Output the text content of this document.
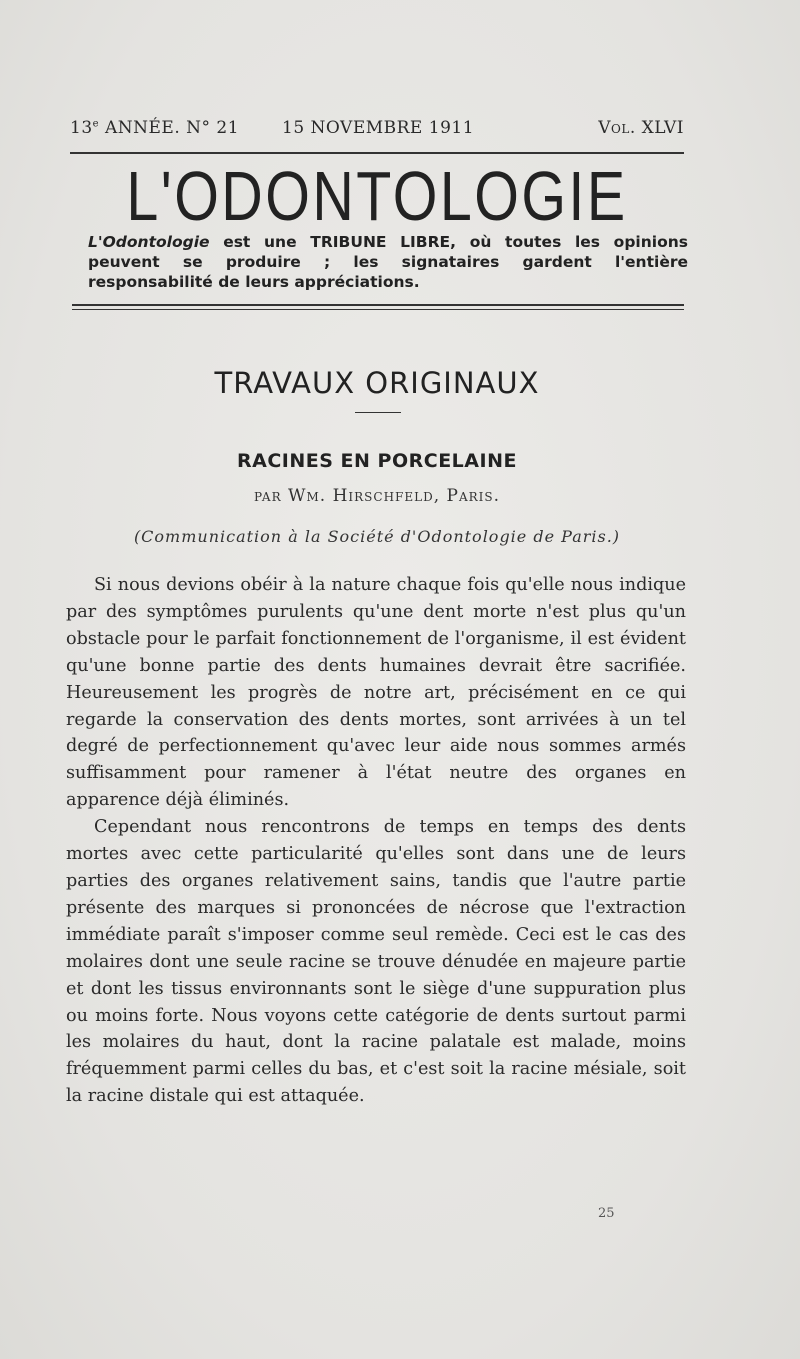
13e ANNÉE. N° 21	15 NOVEMBRE 1911	Vol. XLVI
L'ODONTOLOGIE
L'Odontologie est une TRIBUNE LIBRE, où toutes les opinions peuvent se produire ; les signataires gardent l'entière responsabilité de leurs appréciations.
TRAVAUX ORIGINAUX
RACINES EN PORCELAINE
par Wm. Hirschfeld, Paris.
(Communication à la Société d'Odontologie de Paris.)

Si nous devions obéir à la nature chaque fois qu'elle nous indique par des symptômes purulents qu'une dent morte n'est plus qu'un obstacle pour le parfait fonctionnement de l'organisme, il est évident qu'une bonne partie des dents humaines devrait être sacrifiée. Heureusement les progrès de notre art, précisément en ce qui regarde la conservation des dents mortes, sont arrivées à un tel degré de perfectionnement qu'avec leur aide nous sommes armés suffisamment pour ramener à l'état neutre des organes en apparence déjà éliminés.

Cependant nous rencontrons de temps en temps des dents mortes avec cette particularité qu'elles sont dans une de leurs parties des organes relativement sains, tandis que l'autre partie présente des marques si prononcées de nécrose que l'extraction immédiate paraît s'imposer comme seul remède. Ceci est le cas des molaires dont une seule racine se trouve dénudée en majeure partie et dont les tissus environnants sont le siège d'une suppuration plus ou moins forte. Nous voyons cette catégorie de dents surtout parmi les molaires du haut, dont la racine palatale est malade, moins fréquemment parmi celles du bas, et c'est soit la racine mésiale, soit la racine distale qui est attaquée.

25
